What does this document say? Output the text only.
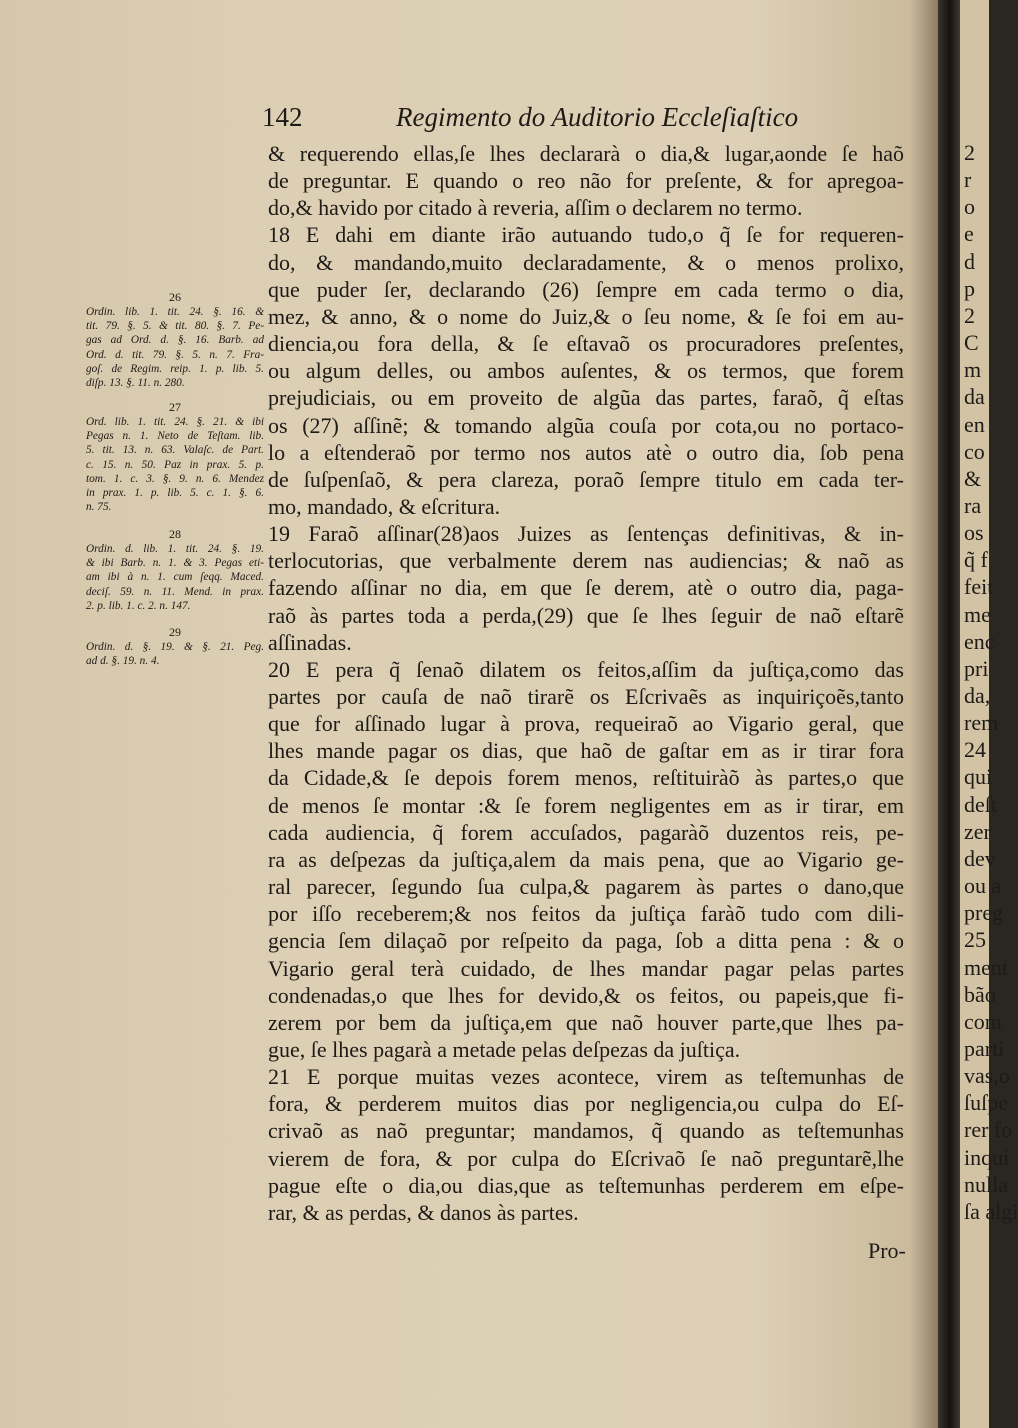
142	Regimento do Auditorio Eccleſiaſtico
& requerendo ellas,ſe lhes declararà o dia,& lugar,aonde ſe haõ
de preguntar. E quando o reo não for preſente, & for apregoa-
do,& havido por citado à reveria, aſſim o declarem no termo.
18 E dahi em diante irão autuando tudo,o q̃ ſe for requeren-
do, & mandando,muito declaradamente, & o menos prolixo,
que puder ſer, declarando (26) ſempre em cada termo o dia,
mez, & anno, & o nome do Juiz,& o ſeu nome, & ſe foi em au-
diencia,ou fora della, & ſe eſtavaõ os procuradores preſentes,
ou algum delles, ou ambos auſentes, & os termos, que forem
prejudiciais, ou em proveito de algũa das partes, faraõ, q̃ eſtas
os (27) aſſinẽ; & tomando algũa couſa por cota,ou no portaco-
lo a eſtenderaõ por termo nos autos atè o outro dia, ſob pena
de ſuſpenſaõ, & pera clareza, poraõ ſempre titulo em cada ter-
mo, mandado, & eſcritura.
19 Faraõ aſſinar(28)aos Juizes as ſentenças definitivas, & in-
terlocutorias, que verbalmente derem nas audiencias; & naõ as
fazendo aſſinar no dia, em que ſe derem, atè o outro dia, paga-
raõ às partes toda a perda,(29) que ſe lhes ſeguir de naõ eſtarẽ
aſſinadas.
20 E pera q̃ ſenaõ dilatem os feitos,aſſim da juſtiça,como das
partes por cauſa de naõ tirarẽ os Eſcrivaẽs as inquiriçoẽs,tanto
que for aſſinado lugar à prova, requeiraõ ao Vigario geral, que
lhes mande pagar os dias, que haõ de gaſtar em as ir tirar fora
da Cidade,& ſe depois forem menos, reſtituiràõ às partes,o que
de menos ſe montar :& ſe forem negligentes em as ir tirar, em
cada audiencia, q̃ forem accuſados, pagaràõ duzentos reis, pe-
ra as deſpezas da juſtiça,alem da mais pena, que ao Vigario ge-
ral parecer, ſegundo ſua culpa,& pagarem às partes o dano,que
por iſſo receberem;& nos feitos da juſtiça faràõ tudo com dili-
gencia ſem dilaçaõ por reſpeito da paga, ſob a ditta pena : & o
Vigario geral terà cuidado, de lhes mandar pagar pelas partes
condenadas,o que lhes for devido,& os feitos, ou papeis,que fi-
zerem por bem da juſtiça,em que naõ houver parte,que lhes pa-
gue, ſe lhes pagarà a metade pelas deſpezas da juſtiça.
21 E porque muitas vezes acontece, virem as teſtemunhas de
fora, & perderem muitos dias por negligencia,ou culpa do Eſ-
crivaõ as naõ preguntar; mandamos, q̃ quando as teſtemunhas
vierem de fora, & por culpa do Eſcrivaõ ſe naõ preguntarẽ,lhe
pague eſte o dia,ou dias,que as teſtemunhas perderem em eſpe-
rar, & as perdas, & danos às partes.
26
Ordin. lib. 1. tit. 24. §. 16. &
tit. 79. §. 5. & tit. 80. §. 7. Pe-
gas ad Ord. d. §. 16. Barb. ad
Ord. d. tit. 79. §. 5. n. 7. Fra-
goſ. de Regim. reip. 1. p. lib. 5.
diſp. 13. §. 11. n. 280.
27
Ord. lib. 1. tit. 24. §. 21. & ibi
Pegas n. 1. Neto de Teſtam. lib.
5. tit. 13. n. 63. Valaſc. de Part.
c. 15. n. 50. Paz in prax. 5. p.
tom. 1. c. 3. §. 9. n. 6. Mendez
in prax. 1. p. lib. 5. c. 1. §. 6.
n. 75.
28
Ordin. d. lib. 1. tit. 24. §. 19.
& ibi Barb. n. 1. & 3. Pegas eti-
am ibi à n. 1. cum ſeqq. Maced.
deciſ. 59. n. 11. Mend. in prax.
2. p. lib. 1. c. 2. n. 147.
29
Ordin. d. §. 19. & §. 21. Peg.
ad d. §. 19. n. 4.
Pro-
2
r
o
e
d
p
2
C
m
da
en
co
&
ra
os
q̃ f
feit
me
enc
pri
da,
rem
24
qui
deſt
zer
dev
ou a
preg
25
ment
bão
com
parti
vas,o
ſuſpe
rer fo
inqui
nulla
ſa algi
